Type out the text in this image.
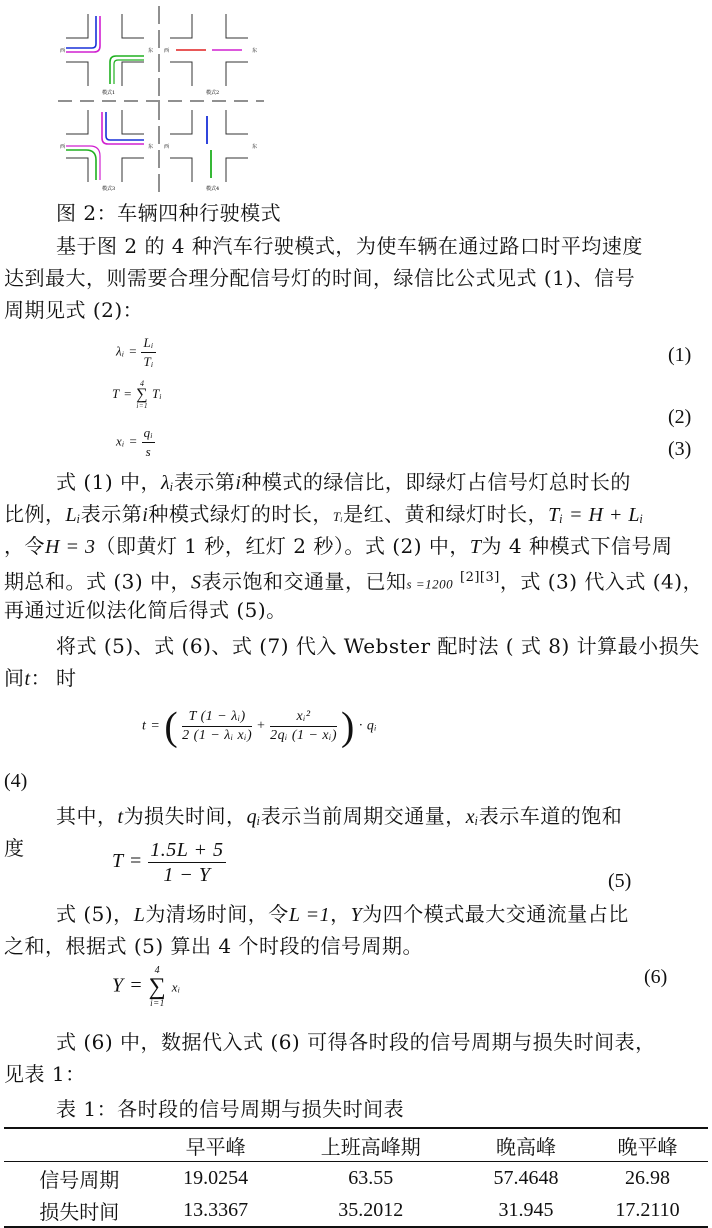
西	东
模式1
西	东
模式2
西	东
模式3
西	东
模式4
图 2：车辆四种行驶模式
基于图 2 的 4 种汽车行驶模式，为使车辆在通过路口时平均速度
达到最大，则需要合理分配信号灯的时间，绿信比公式见式 (1)、信号
周期见式 (2)：
λᵢ = $\frac{\text{Lᵢ}}{\text{Tᵢ}}$	(1)
T =
4
∑
i=1
Tᵢ
(2)
xᵢ = $\frac{\text{qᵢ}}{s}$	(3)
式 (1) 中，λᵢ表示第i种模式的绿信比，即绿灯占信号灯总时长的
比例，Lᵢ表示第i种模式绿灯的时长，Tᵢ是红、黄和绿灯时长，Tᵢ = H + Lᵢ
，令H = 3（即黄灯 1 秒，红灯 2 秒）。式 (2) 中，T为 4 种模式下信号周
期总和。式 (3) 中，S表示饱和交通量，已知s =1200 [2][3]，式 (3) 代入式 (4)，
再通过近似法化简后得式 (5)。
将式 (5)、式 (6)、式 (7) 代入 Webster 配时法 ( 式 8) 计算最小损失时
间t：
t = ( $\frac{\text{T (1 − λᵢ)}}{\text{2 (1 − λᵢ xᵢ)}} + \frac{\text{xᵢ²}}{\text{2qᵢ (1 − xᵢ)}}$ ) · qᵢ
(4)
其中，t为损失时间，qᵢ表示当前周期交通量，xᵢ表示车道的饱和
度
$T = \frac{1.5L + 5}{1 - Y}$	(5)
式 (5)，L为清场时间，令L =1，Y为四个模式最大交通流量占比
之和，根据式 (5) 算出 4 个时段的信号周期。
Y =
4
∑
i=1
xᵢ	(6)
式 (6) 中，数据代入式 (6) 可得各时段的信号周期与损失时间表，
见表 1：
表 1：各时段的信号周期与损失时间表
	早平峰	上班高峰期	晚高峰	晚平峰
信号周期	19.0254	63.55	57.4648	26.98
损失时间	13.3367	35.2012	31.945	17.2110
